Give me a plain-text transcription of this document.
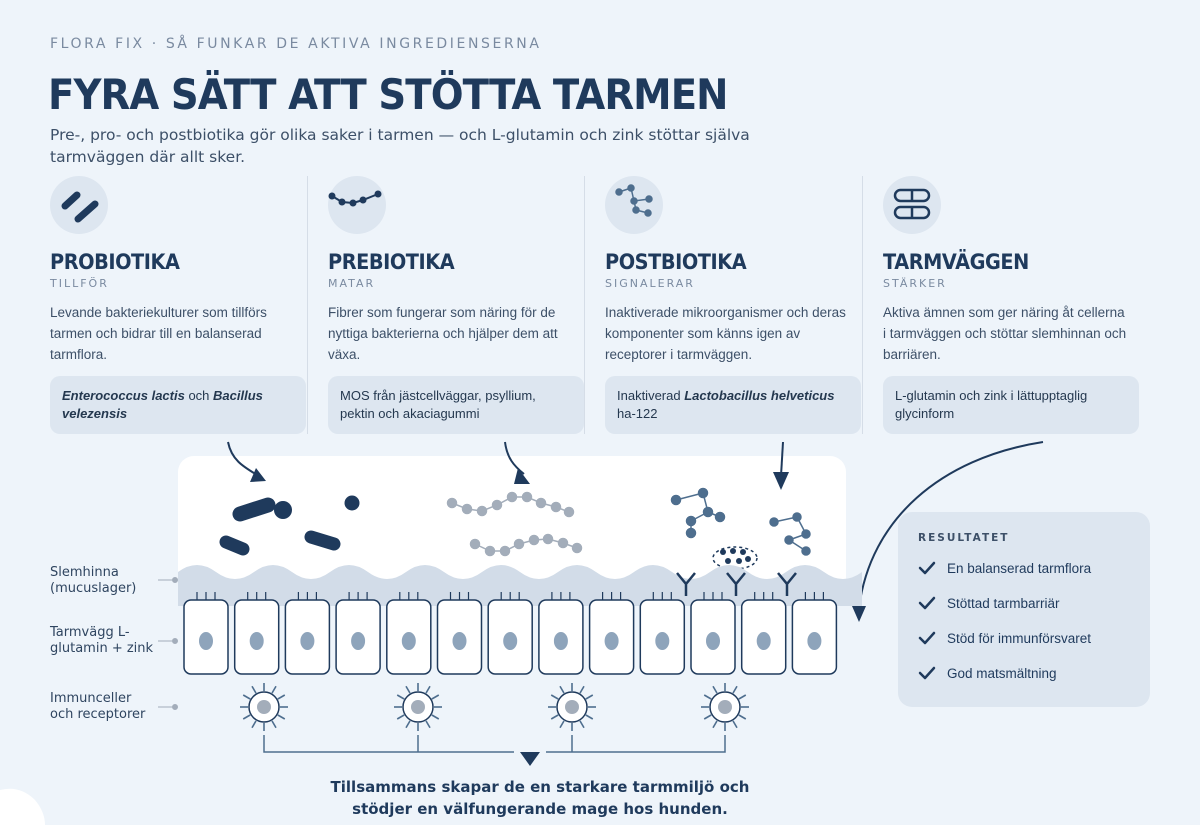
FLORA FIX · SÅ FUNKAR DE AKTIVA INGREDIENSERNA
FYRA SÄTT ATT STÖTTA TARMEN
Pre-, pro- och postbiotika gör olika saker i tarmen — och L-glutamin och zink stöttar själva tarmväggen där allt sker.
PROBIOTIKA
TILLFÖR
Levande bakteriekulturer som tillförs tarmen och bidrar till en balanserad tarmflora.
Enterococcus lactis och Bacillus velezensis
PREBIOTIKA
MATAR
Fibrer som fungerar som näring för de nyttiga bakterierna och hjälper dem att växa.
MOS från jästcellväggar, psyllium, pektin och akaciagummi
POSTBIOTIKA
SIGNALERAR
Inaktiverade mikroorganismer och deras komponenter som känns igen av receptorer i tarmväggen.
Inaktiverad Lactobacillus helveticus ha-122
TARMVÄGGEN
STÄRKER
Aktiva ämnen som ger näring åt cellerna i tarmväggen och stöttar slemhinnan och barriären.
L-glutamin och zink i lättupptaglig glycinform
Slemhinna (mucuslager)
Tarmvägg L-glutamin + zink
Immunceller och receptorer
RESULTATET
En balanserad tarmflora
Stöttad tarmbarriär
Stöd för immunförsvaret
God matsmältning
Tillsammans skapar de en starkare tarmmiljö och stödjer en välfungerande mage hos hunden.
